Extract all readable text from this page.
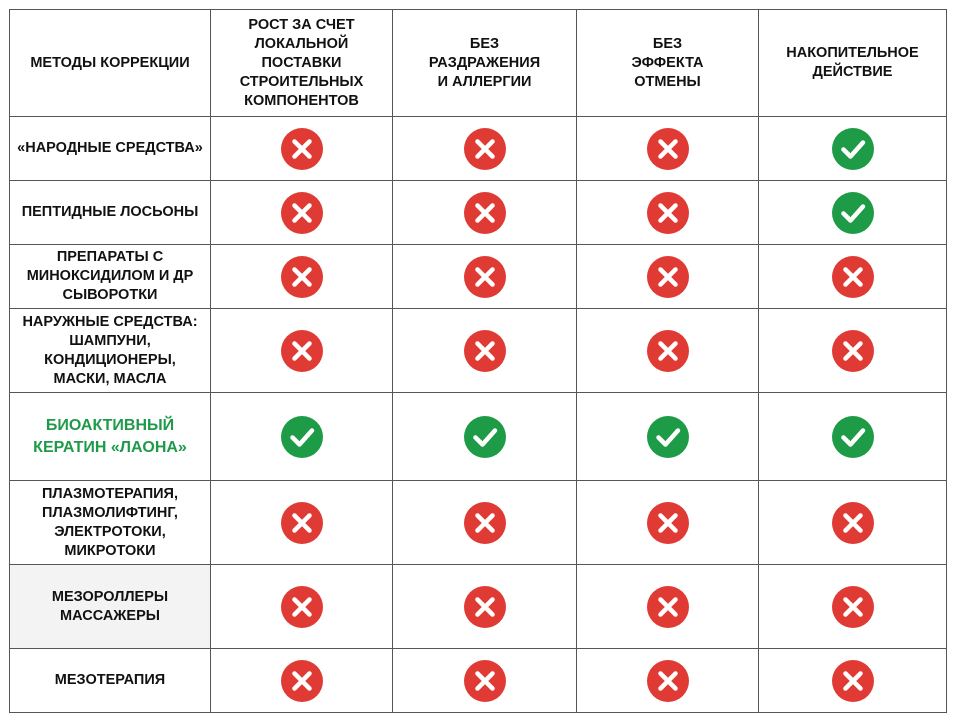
МЕТОДЫ КОРРЕКЦИИ
РОСТ ЗА СЧЕТ
ЛОКАЛЬНОЙ
ПОСТАВКИ
СТРОИТЕЛЬНЫХ
КОМПОНЕНТОВ
БЕЗ
РАЗДРАЖЕНИЯ
И АЛЛЕРГИИ
БЕЗ
ЭФФЕКТА
ОТМЕНЫ
НАКОПИТЕЛЬНОЕ
ДЕЙСТВИЕ
«НАРОДНЫЕ СРЕДСТВА»
ПЕПТИДНЫЕ ЛОСЬОНЫ
ПРЕПАРАТЫ С
МИНОКСИДИЛОМ И ДР
СЫВОРОТКИ
НАРУЖНЫЕ СРЕДСТВА:
ШАМПУНИ,
КОНДИЦИОНЕРЫ,
МАСКИ, МАСЛА
БИОАКТИВНЫЙ
КЕРАТИН «ЛАОНА»
ПЛАЗМОТЕРАПИЯ,
ПЛАЗМОЛИФТИНГ,
ЭЛЕКТРОТОКИ,
МИКРОТОКИ
МЕЗОРОЛЛЕРЫ
МАССАЖЕРЫ
МЕЗОТЕРАПИЯ
